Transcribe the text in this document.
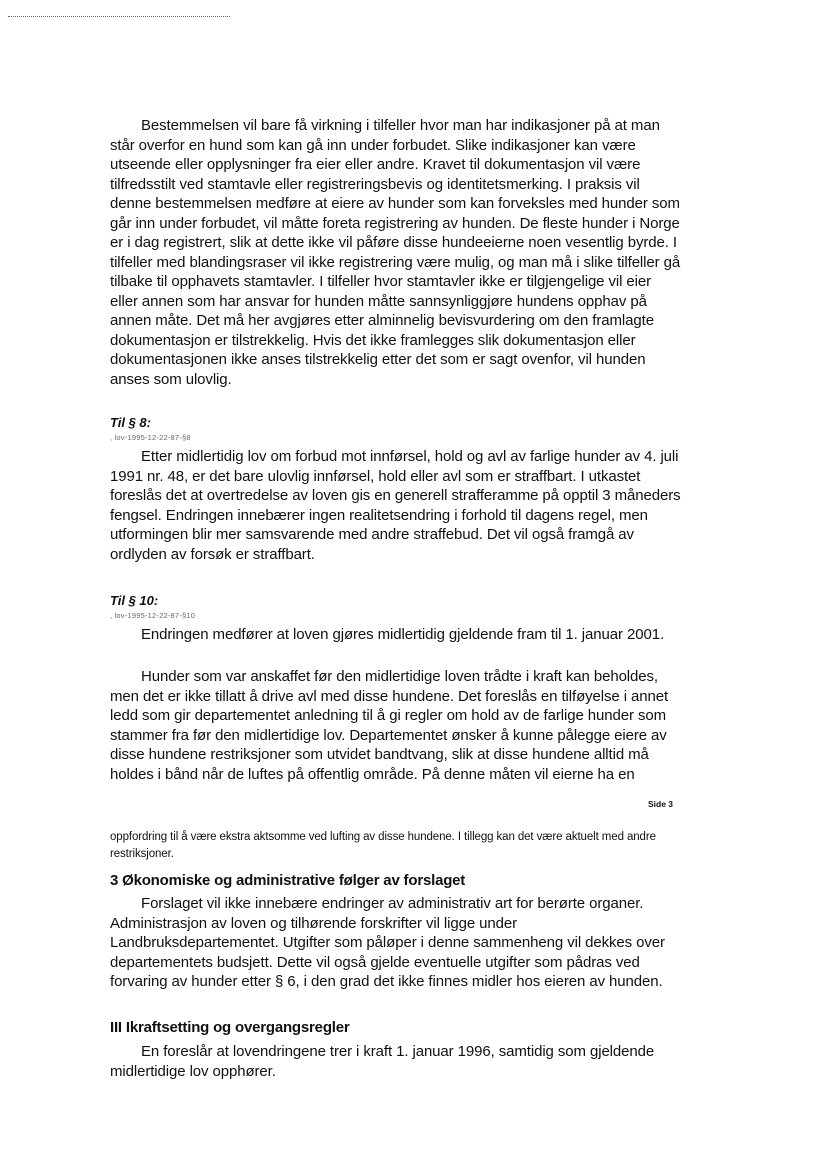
Bestemmelsen vil bare få virkning i tilfeller hvor man har indikasjoner på at man står overfor en hund som kan gå inn under forbudet. Slike indikasjoner kan være utseende eller opplysninger fra eier eller andre. Kravet til dokumentasjon vil være tilfredsstilt ved stamtavle eller registreringsbevis og identitetsmerking. I praksis vil denne bestemmelsen medføre at eiere av hunder som kan forveksles med hunder som går inn under forbudet, vil måtte foreta registrering av hunden. De fleste hunder i Norge er i dag registrert, slik at dette ikke vil påføre disse hundeeierne noen vesentlig byrde. I tilfeller med blandingsraser vil ikke registrering være mulig, og man må i slike tilfeller gå tilbake til opphavets stamtavler. I tilfeller hvor stamtavler ikke er tilgjengelige vil eier eller annen som har ansvar for hunden måtte sannsynliggjøre hundens opphav på annen måte. Det må her avgjøres etter alminnelig bevisvurdering om den framlagte dokumentasjon er tilstrekkelig. Hvis det ikke framlegges slik dokumentasjon eller dokumentasjonen ikke anses tilstrekkelig etter det som er sagt ovenfor, vil hunden anses som ulovlig.
Til § 8:
, lov-1995-12-22-87-§8
Etter midlertidig lov om forbud mot innførsel, hold og avl av farlige hunder av 4. juli 1991 nr. 48, er det bare ulovlig innførsel, hold eller avl som er straffbart. I utkastet foreslås det at overtredelse av loven gis en generell strafferamme på opptil 3 måneders fengsel. Endringen innebærer ingen realitetsendring i forhold til dagens regel, men utformingen blir mer samsvarende med andre straffebud. Det vil også framgå av ordlyden av forsøk er straffbart.
Til § 10:
, lov-1995-12-22-87-§10
Endringen medfører at loven gjøres midlertidig gjeldende fram til 1. januar 2001.
Hunder som var anskaffet før den midlertidige loven trådte i kraft kan beholdes, men det er ikke tillatt å drive avl med disse hundene. Det foreslås en tilføyelse i annet ledd som gir departementet anledning til å gi regler om hold av de farlige hunder som stammer fra før den midlertidige lov. Departementet ønsker å kunne pålegge eiere av disse hundene restriksjoner som utvidet bandtvang, slik at disse hundene alltid må holdes i bånd når de luftes på offentlig område. På denne måten vil eierne ha en
Side 3
oppfordring til å være ekstra aktsomme ved lufting av disse hundene. I tillegg kan det være aktuelt med andre restriksjoner.
3 Økonomiske og administrative følger av forslaget
Forslaget vil ikke innebære endringer av administrativ art for berørte organer. Administrasjon av loven og tilhørende forskrifter vil ligge under Landbruksdepartementet. Utgifter som påløper i denne sammenheng vil dekkes over departementets budsjett. Dette vil også gjelde eventuelle utgifter som pådras ved forvaring av hunder etter § 6, i den grad det ikke finnes midler hos eieren av hunden.
III Ikraftsetting og overgangsregler
En foreslår at lovendringene trer i kraft 1. januar 1996, samtidig som gjeldende midlertidige lov opphører.
